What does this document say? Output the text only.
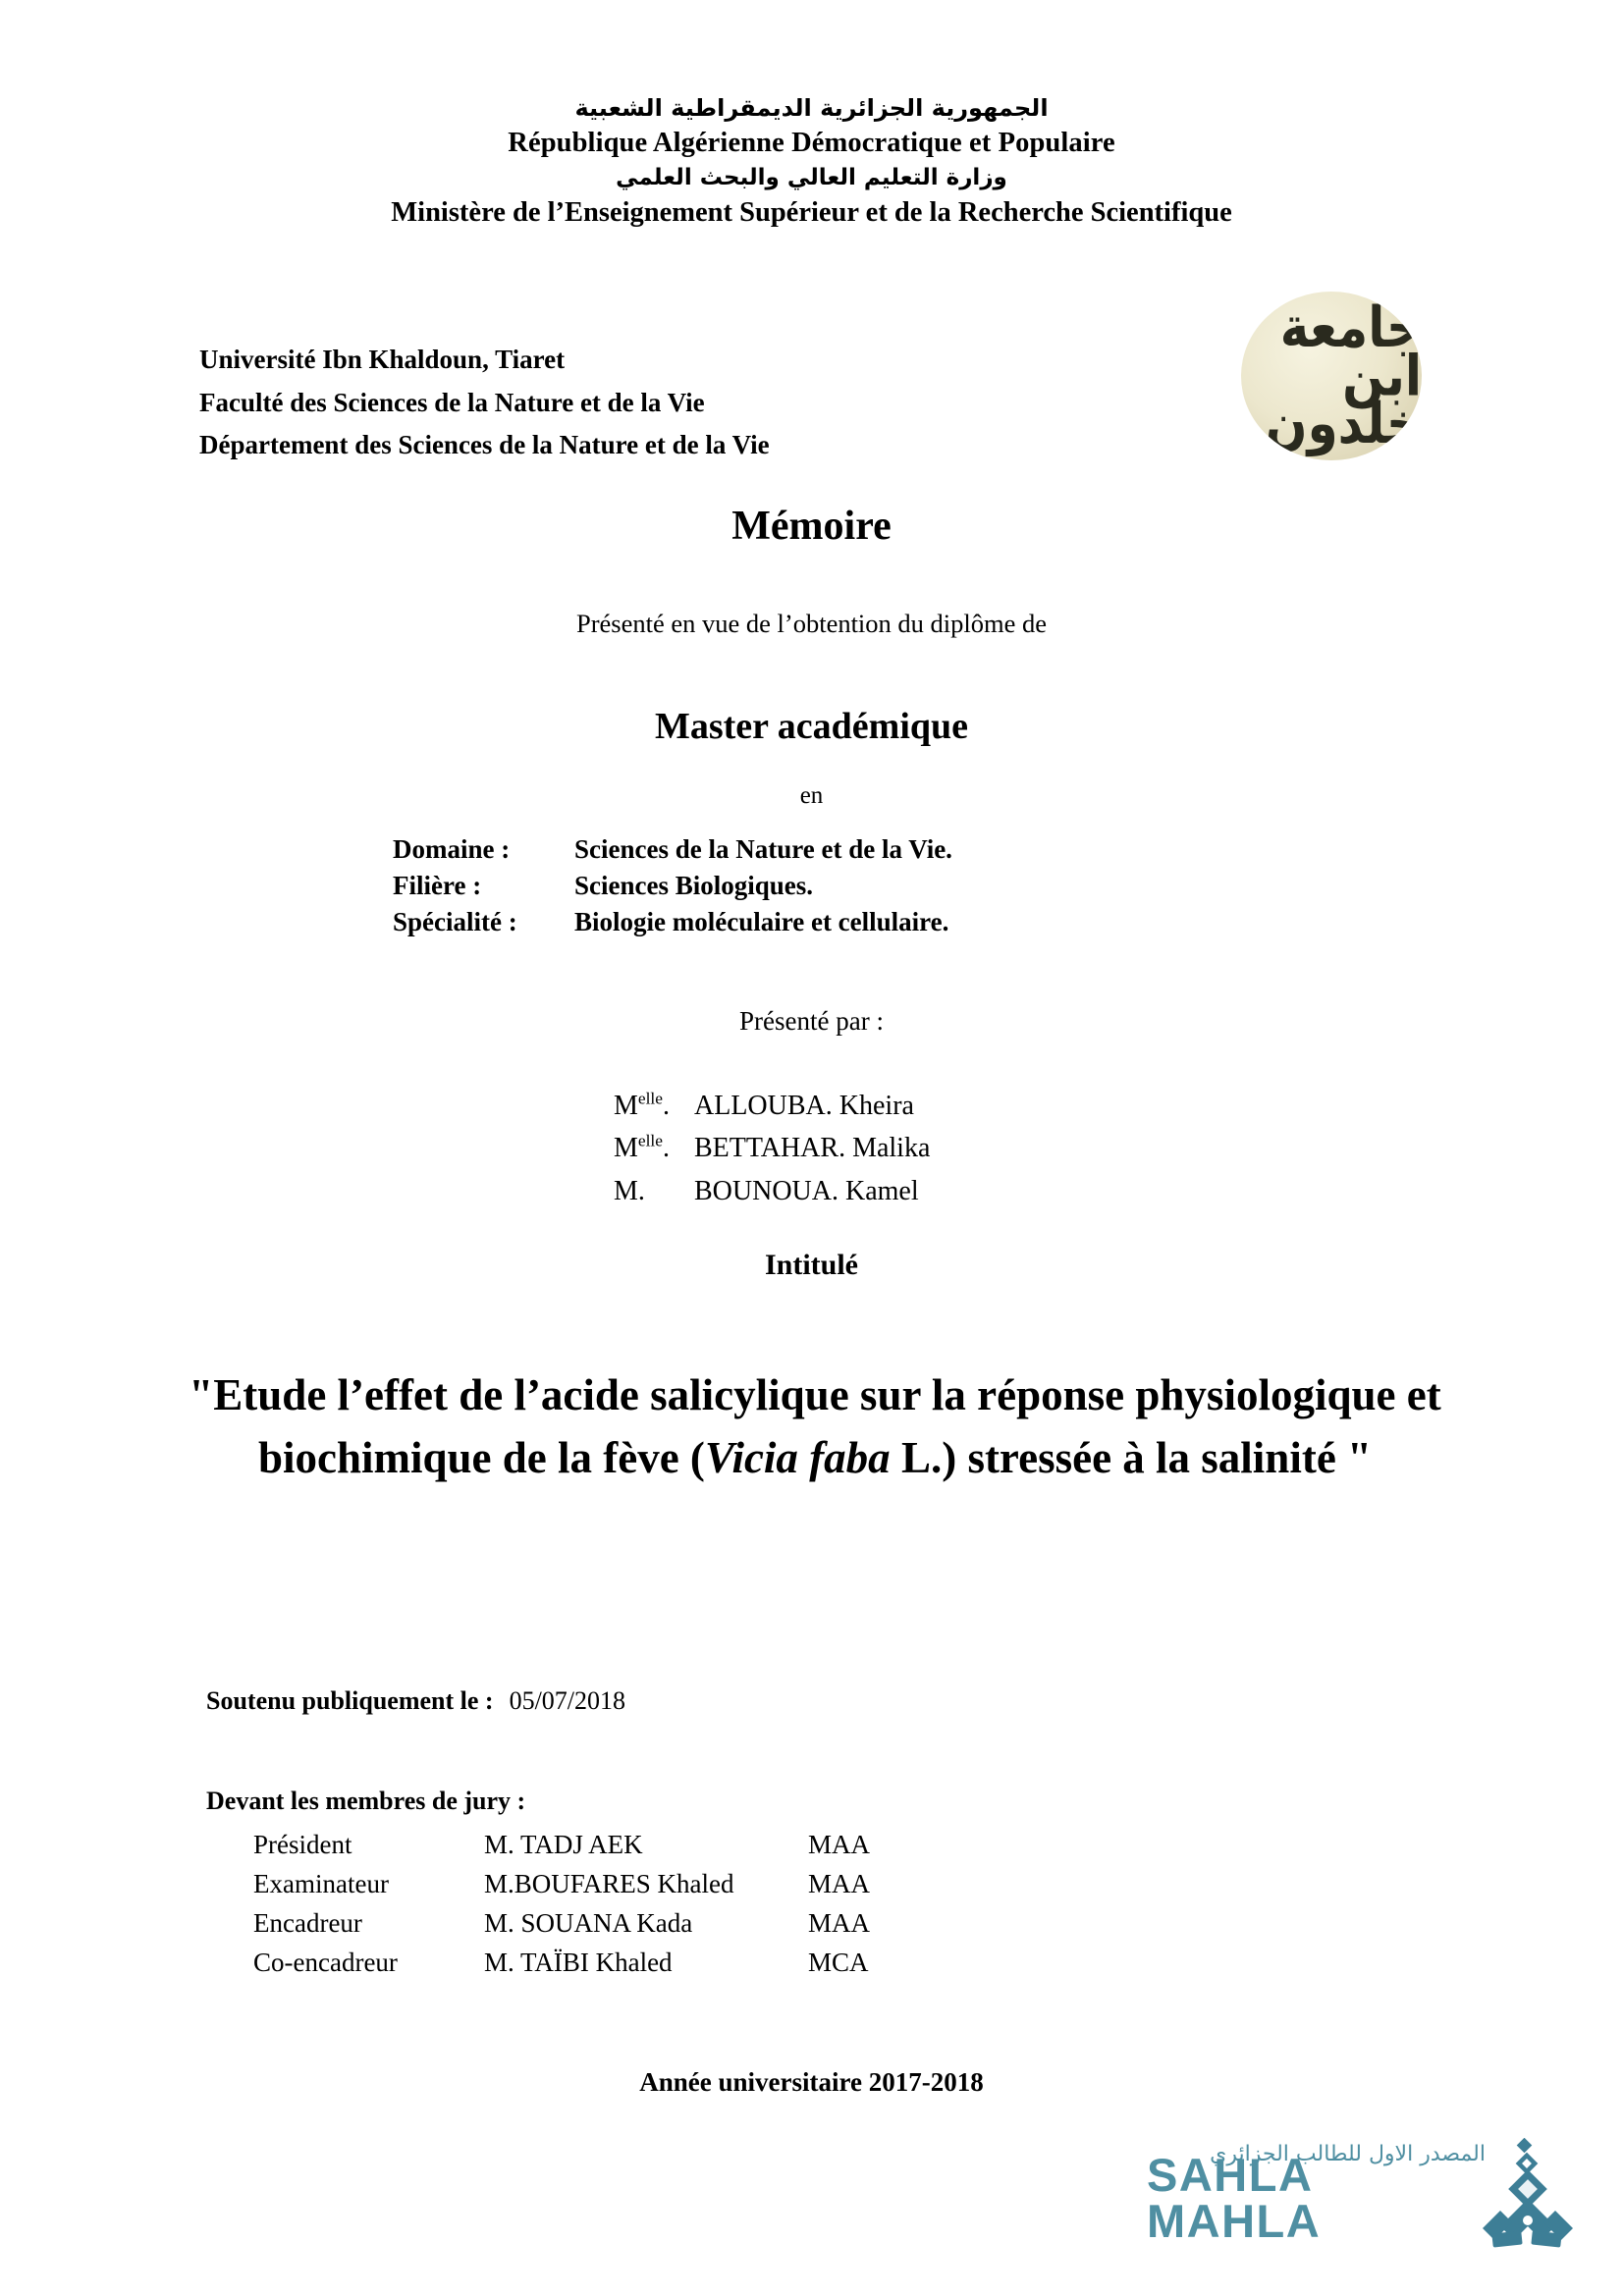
الجمهورية الجزائرية الديمقراطية الشعبية
République Algérienne Démocratique et Populaire
وزارة التعليم العالي والبحث العلمي
Ministère de l’Enseignement Supérieur et de la Recherche Scientifique
Université Ibn Khaldoun, Tiaret
Faculté des Sciences de la Nature et de la Vie
Département des Sciences de la Nature et de la Vie
جامعة ابن خلدون
Mémoire
Présenté en vue de l’obtention du diplôme de
Master académique
en
Domaine :	Sciences de la Nature et de la Vie.
Filière :	Sciences Biologiques.
Spécialité :	Biologie moléculaire et cellulaire.
Présenté par :
$M^{elle}$. ALLOUBA. Kheira
$M^{elle}$. BETTAHAR. Malika
M. BOUNOUA. Kamel
Intitulé
"Etude l’effet de l’acide salicylique sur la réponse physiologique et biochimique de la fève (Vicia faba L.) stressée à la salinité "
Soutenu publiquement le : 05/07/2018
Devant les membres de jury :
Président	M. TADJ AEK	MAA
Examinateur	M.BOUFARES Khaled	MAA
Encadreur	M. SOUANA Kada	MAA
Co-encadreur	M. TAÏBI Khaled	MCA
Année universitaire 2017-2018
SAHLA MAHLA
المصدر الاول للطالب الجزائري
